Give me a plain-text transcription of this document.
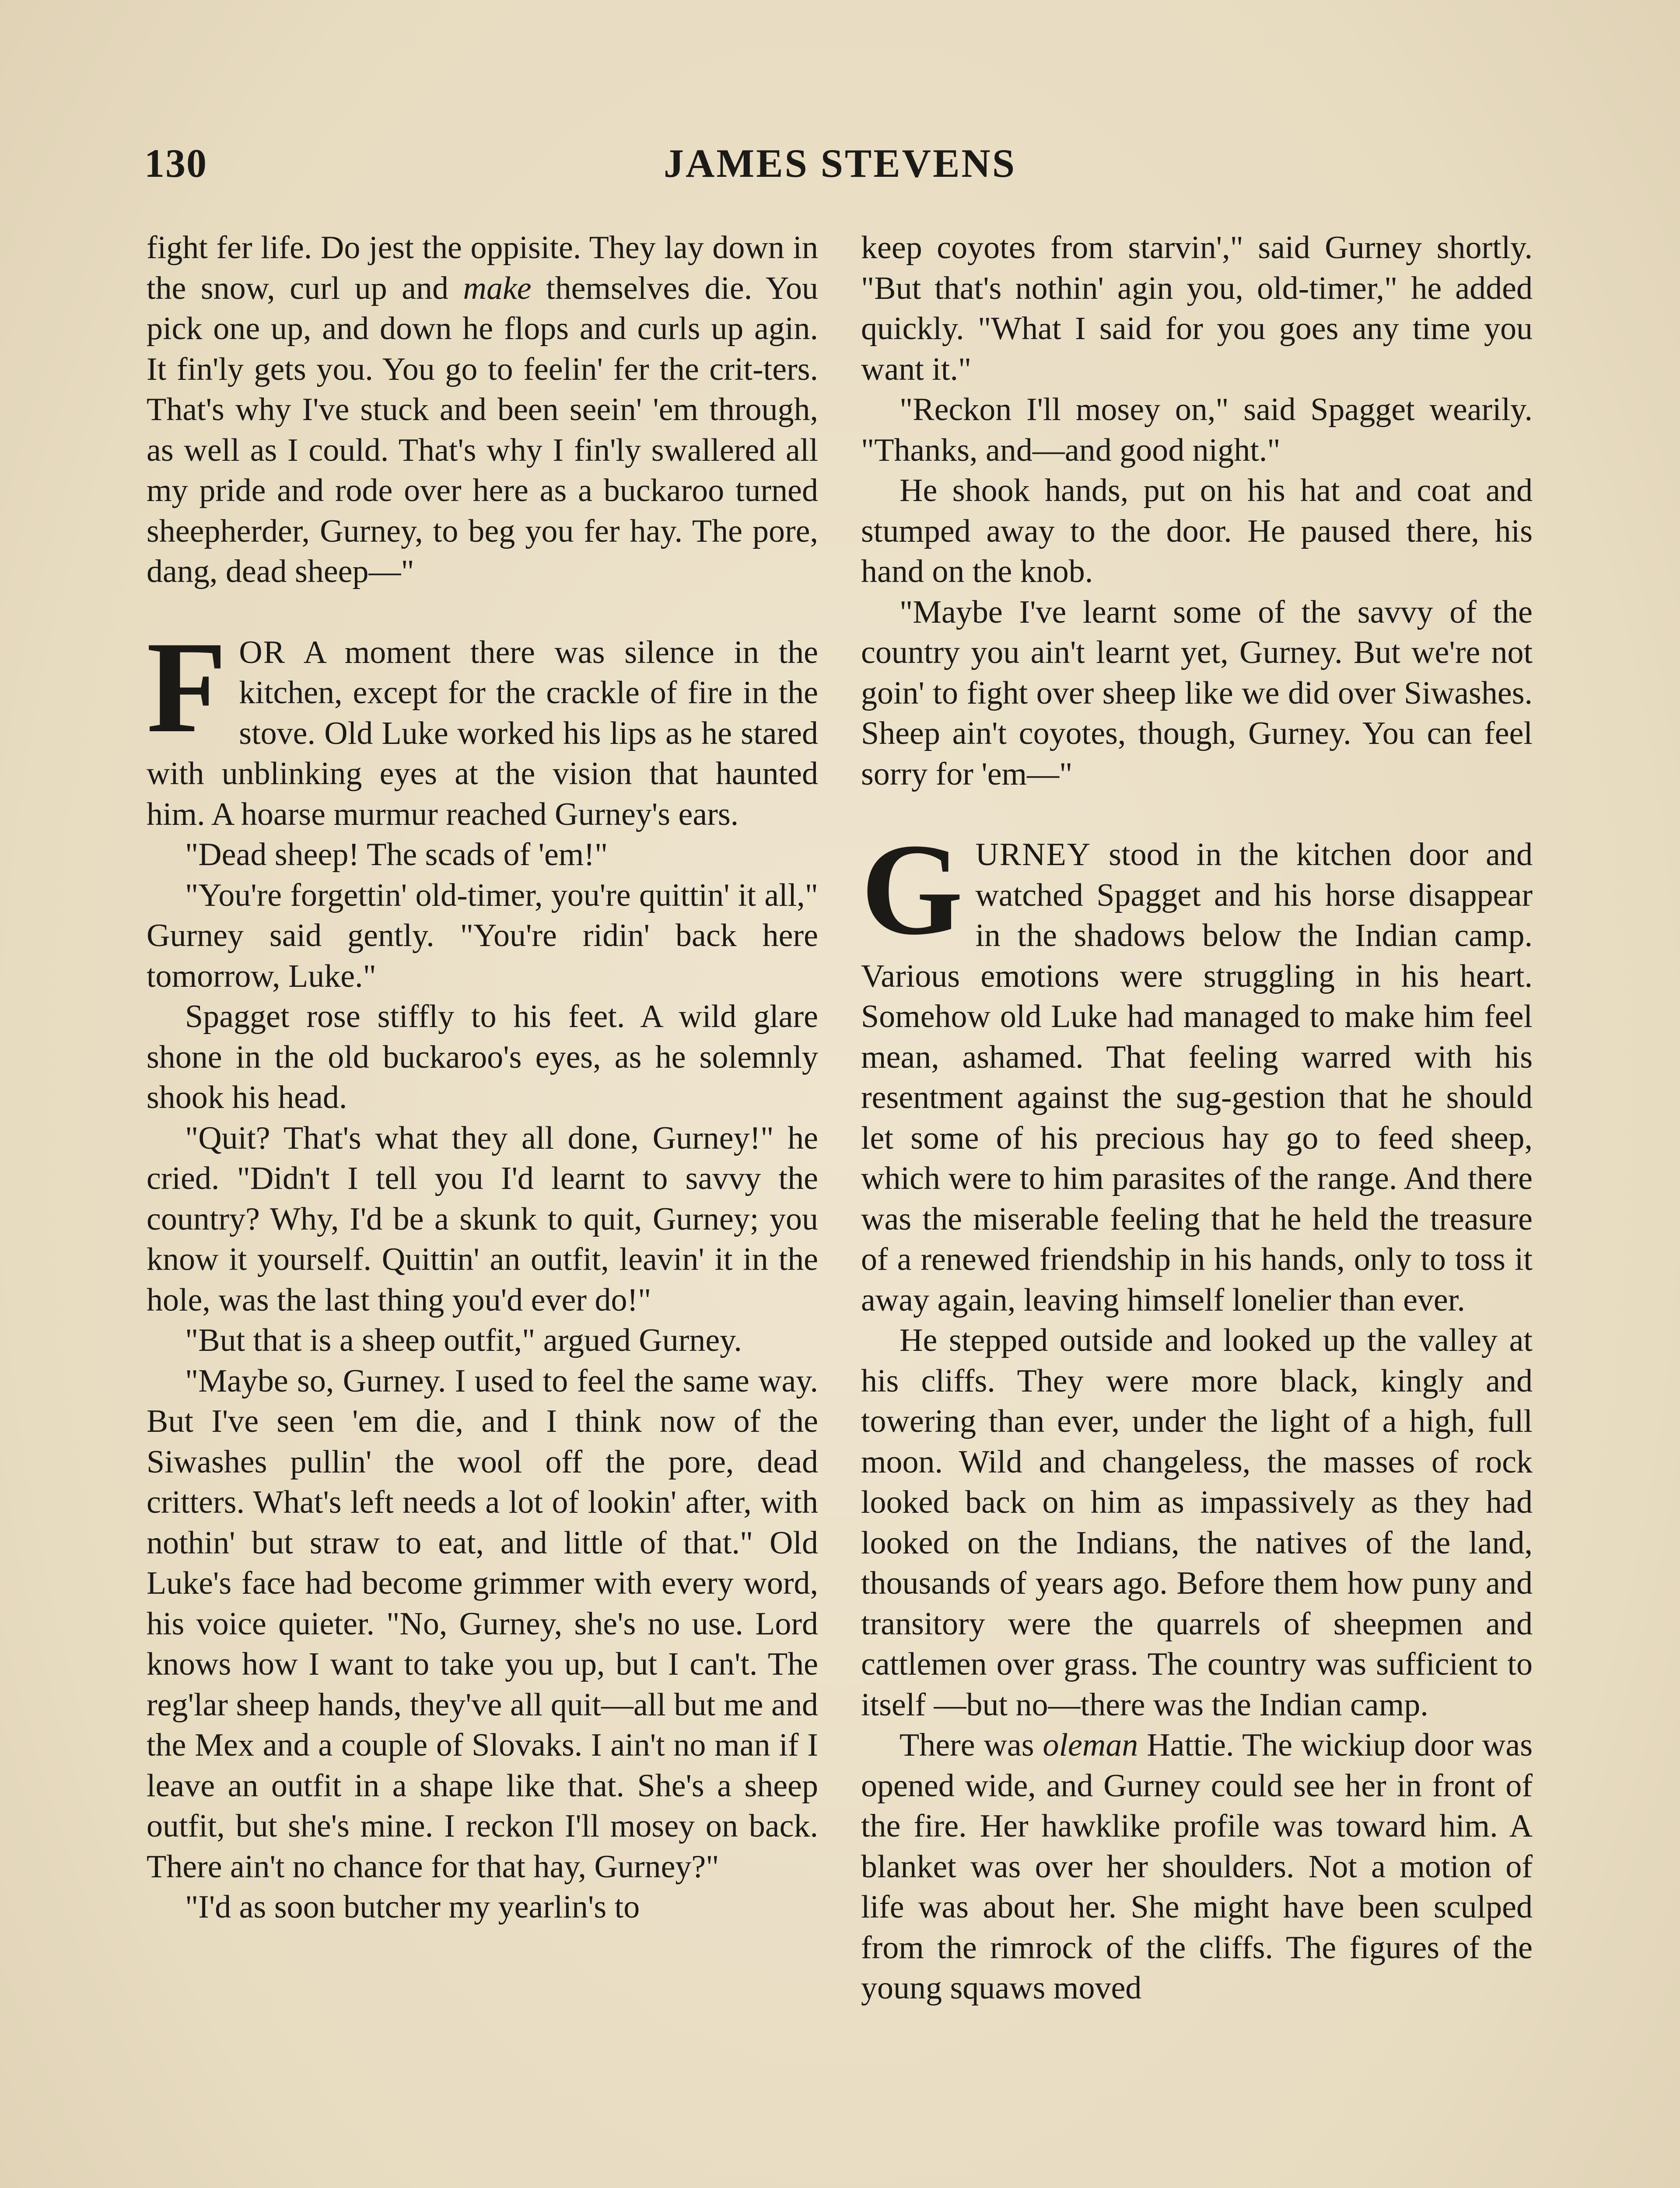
130	JAMES STEVENS

fight fer life. Do jest the oppisite. They lay down in the snow, curl up and make themselves die. You pick one up, and down he flops and curls up agin. It fin'ly gets you. You go to feelin' fer the crit-ters. That's why I've stuck and been seein' 'em through, as well as I could. That's why I fin'ly swallered all my pride and rode over here as a buckaroo turned sheepherder, Gurney, to beg you fer hay. The pore, dang, dead sheep—"

FOR A moment there was silence in the kitchen, except for the crackle of fire in the stove. Old Luke worked his lips as he stared with unblinking eyes at the vision that haunted him. A hoarse murmur reached Gurney's ears.

"Dead sheep! The scads of 'em!"

"You're forgettin' old-timer, you're quittin' it all," Gurney said gently. "You're ridin' back here tomorrow, Luke."

Spagget rose stiffly to his feet. A wild glare shone in the old buckaroo's eyes, as he solemnly shook his head.

"Quit? That's what they all done, Gurney!" he cried. "Didn't I tell you I'd learnt to savvy the country? Why, I'd be a skunk to quit, Gurney; you know it yourself. Quittin' an outfit, leavin' it in the hole, was the last thing you'd ever do!"

"But that is a sheep outfit," argued Gurney.

"Maybe so, Gurney. I used to feel the same way. But I've seen 'em die, and I think now of the Siwashes pullin' the wool off the pore, dead critters. What's left needs a lot of lookin' after, with nothin' but straw to eat, and little of that." Old Luke's face had become grimmer with every word, his voice quieter. "No, Gurney, she's no use. Lord knows how I want to take you up, but I can't. The reg'lar sheep hands, they've all quit—all but me and the Mex and a couple of Slovaks. I ain't no man if I leave an outfit in a shape like that. She's a sheep outfit, but she's mine. I reckon I'll mosey on back. There ain't no chance for that hay, Gurney?"

"I'd as soon butcher my yearlin's to

keep coyotes from starvin'," said Gurney shortly. "But that's nothin' agin you, old-timer," he added quickly. "What I said for you goes any time you want it."

"Reckon I'll mosey on," said Spagget wearily. "Thanks, and—and good night."

He shook hands, put on his hat and coat and stumped away to the door. He paused there, his hand on the knob.

"Maybe I've learnt some of the savvy of the country you ain't learnt yet, Gurney. But we're not goin' to fight over sheep like we did over Siwashes. Sheep ain't coyotes, though, Gurney. You can feel sorry for 'em—"

GURNEY stood in the kitchen door and watched Spagget and his horse disappear in the shadows below the Indian camp. Various emotions were struggling in his heart. Somehow old Luke had managed to make him feel mean, ashamed. That feeling warred with his resentment against the sug-gestion that he should let some of his precious hay go to feed sheep, which were to him parasites of the range. And there was the miserable feeling that he held the treasure of a renewed friendship in his hands, only to toss it away again, leaving himself lonelier than ever.

He stepped outside and looked up the valley at his cliffs. They were more black, kingly and towering than ever, under the light of a high, full moon. Wild and changeless, the masses of rock looked back on him as impassively as they had looked on the Indians, the natives of the land, thousands of years ago. Before them how puny and transitory were the quarrels of sheepmen and cattlemen over grass. The country was sufficient to itself —but no—there was the Indian camp.

There was oleman Hattie. The wickiup door was opened wide, and Gurney could see her in front of the fire. Her hawklike profile was toward him. A blanket was over her shoulders. Not a motion of life was about her. She might have been sculped from the rimrock of the cliffs. The figures of the young squaws moved
